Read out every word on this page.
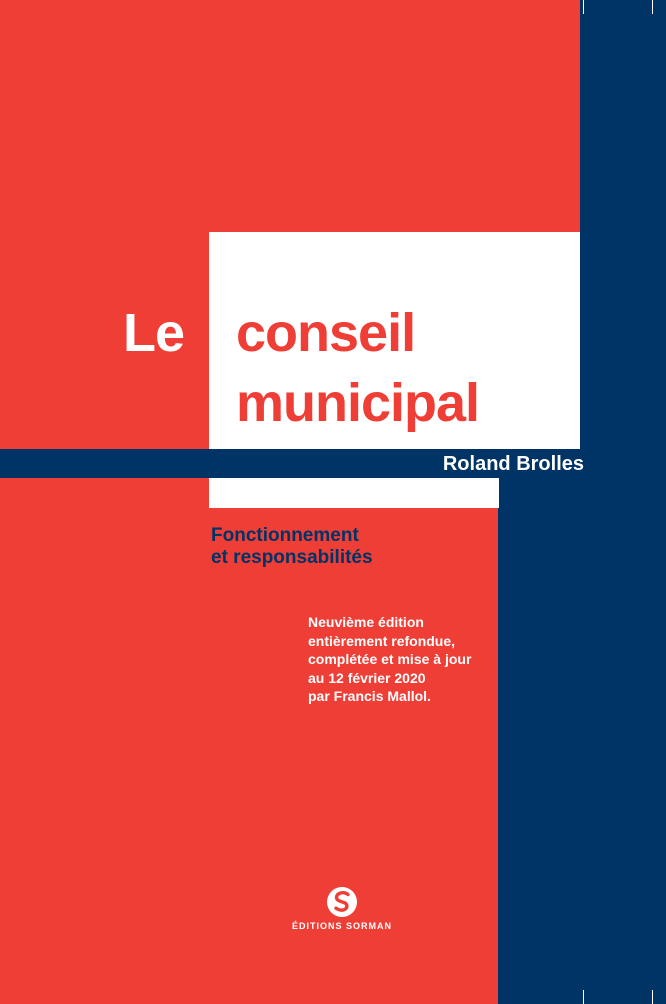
Le conseil
municipal
Roland Brolles
Fonctionnement
et responsabilités
Neuvième édition
entièrement refondue,
complétée et mise à jour
au 12 février 2020
par Francis Mallol.
ÉDITIONS SORMAN
